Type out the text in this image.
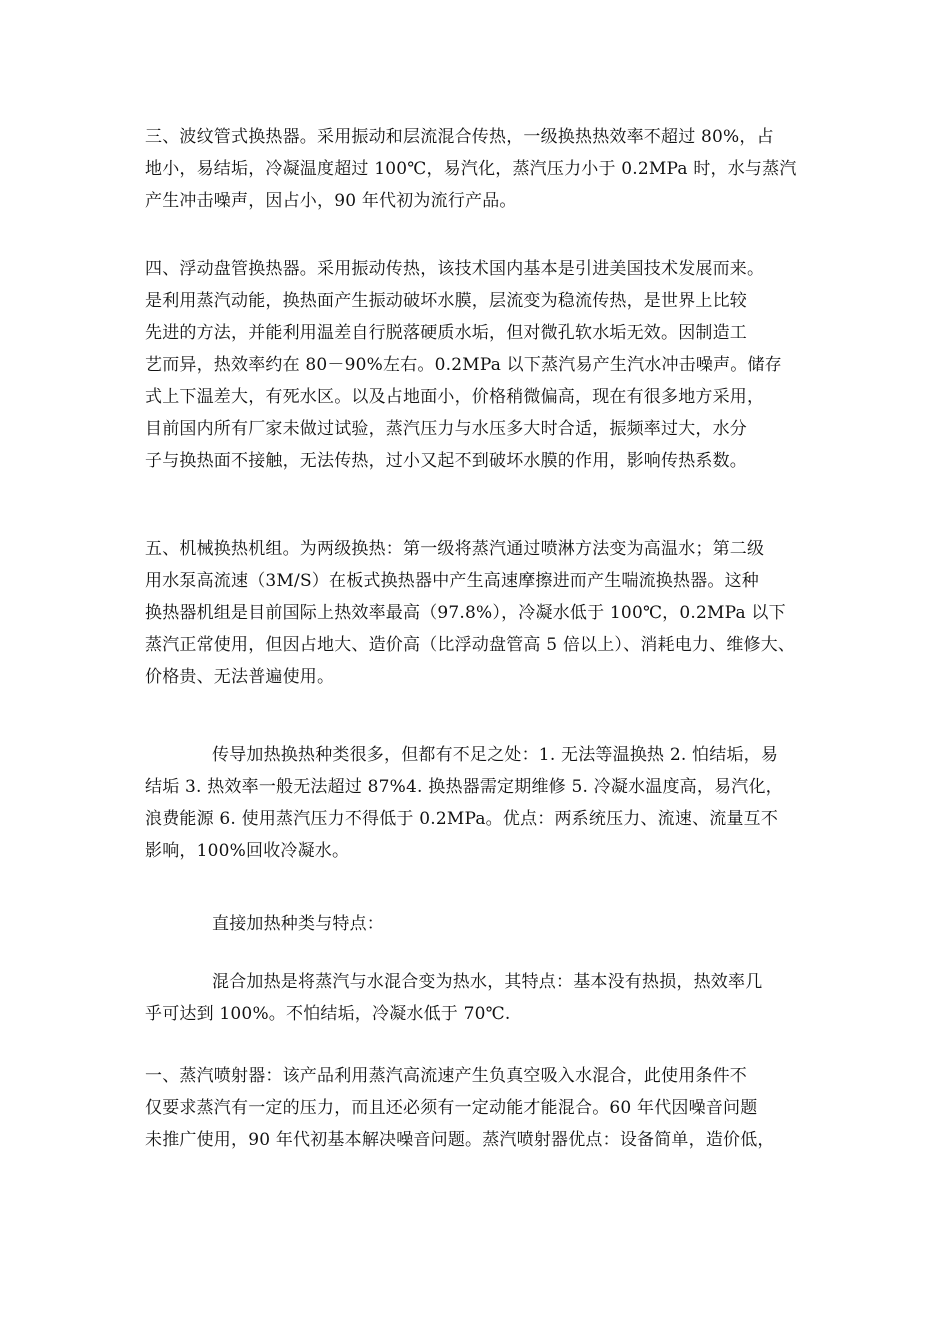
三、波纹管式换热器。采用振动和层流混合传热，一级换热热效率不超过 80%，占
地小，易结垢，冷凝温度超过 100℃，易汽化，蒸汽压力小于 0.2MPa 时，水与蒸汽
产生冲击噪声，因占小，90 年代初为流行产品。

四、浮动盘管换热器。采用振动传热，该技术国内基本是引进美国技术发展而来。
是利用蒸汽动能，换热面产生振动破坏水膜，层流变为稳流传热，是世界上比较
先进的方法，并能利用温差自行脱落硬质水垢，但对微孔软水垢无效。因制造工
艺而异，热效率约在 80－90%左右。0.2MPa 以下蒸汽易产生汽水冲击噪声。储存
式上下温差大，有死水区。以及占地面小，价格稍微偏高，现在有很多地方采用，
目前国内所有厂家未做过试验，蒸汽压力与水压多大时合适，振频率过大，水分
子与换热面不接触，无法传热，过小又起不到破坏水膜的作用，影响传热系数。

五、机械换热机组。为两级换热：第一级将蒸汽通过喷淋方法变为高温水；第二级
用水泵高流速（3M/S）在板式换热器中产生高速摩擦进而产生喘流换热器。这种
换热器机组是目前国际上热效率最高（97.8%），冷凝水低于 100℃，0.2MPa 以下
蒸汽正常使用，但因占地大、造价高（比浮动盘管高 5 倍以上）、消耗电力、维修大、
价格贵、无法普遍使用。

传导加热换热种类很多，但都有不足之处：1. 无法等温换热 2. 怕结垢，易
结垢 3. 热效率一般无法超过 87%4. 换热器需定期维修 5. 冷凝水温度高，易汽化，
浪费能源 6. 使用蒸汽压力不得低于 0.2MPa。优点：两系统压力、流速、流量互不
影响，100%回收冷凝水。

直接加热种类与特点：

混合加热是将蒸汽与水混合变为热水，其特点：基本没有热损，热效率几
乎可达到 100%。不怕结垢，冷凝水低于 70℃.

一、蒸汽喷射器：该产品利用蒸汽高流速产生负真空吸入水混合，此使用条件不
仅要求蒸汽有一定的压力，而且还必须有一定动能才能混合。60 年代因噪音问题
未推广使用，90 年代初基本解决噪音问题。蒸汽喷射器优点：设备简单，造价低，
